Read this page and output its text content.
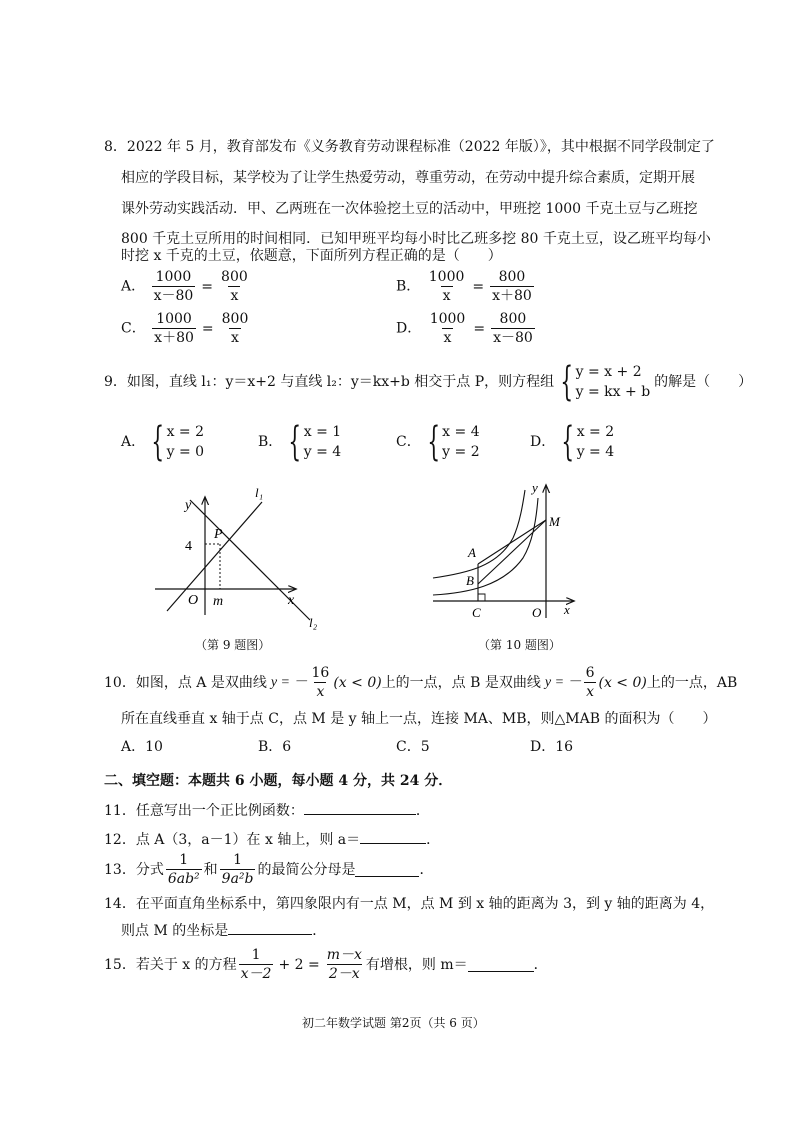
8．2022 年 5 月，教育部发布《义务教育劳动课程标准（2022 年版）》，其中根据不同学段制定了
相应的学段目标，某学校为了让学生热爱劳动，尊重劳动，在劳动中提升综合素质，定期开展
课外劳动实践活动．甲、乙两班在一次体验挖土豆的活动中，甲班挖 1000 千克土豆与乙班挖
800 千克土豆所用的时间相同．已知甲班平均每小时比乙班多挖 80 千克土豆，设乙班平均每小
时挖 x 千克的土豆，依题意，下面所列方程正确的是（　　）
A． $\frac{1000}{x-80} = \frac{800}{x}$	B． $\frac{1000}{x} = \frac{800}{x+80}$
C． $\frac{1000}{x+80} = \frac{800}{x}$	D． $\frac{1000}{x} = \frac{800}{x-80}$
9．如图，直线 l₁：y＝x+2 与直线 l₂：y＝kx+b 相交于点 P，则方程组 { y = x + 2
y = kx + b
的解是（　　）
A． { x = 2
y = 0
B． { x = 1
y = 4
C． { x = 4
y = 2
D． { x = 2
y = 4
y
l₁
P
4
O m	x
l₂
（第 9 题图）
y
M
A
B
C	O x
（第 10 题图）
10．如图，点 A 是双曲线 y = － $\frac{16}{x} (x < 0)$ 上的一点，点 B 是双曲线 y = － $\frac{6}{x} (x < 0)$ 上的一点，AB
所在直线垂直 x 轴于点 C，点 M 是 y 轴上一点，连接 MA、MB，则△MAB 的面积为（　　）
A．10	B．6	C．5	D．16
二、填空题：本题共 6 小题，每小题 4 分，共 24 分．
11．任意写出一个正比例函数：	．
12．点 A（3，a－1）在 x 轴上，则 a＝	．
13．分式 $\frac{1}{\text{6ab²}}$ 和 $\frac{1}{\text{9a²b}}$ 的最简公分母是	．
14．在平面直角坐标系中，第四象限内有一点 M，点 M 到 x 轴的距离为 3，到 y 轴的距离为 4，
则点 M 的坐标是	．
15．若关于 x 的方程 $\frac{1}{x-2} + 2 = \frac{m-x}{2-x}$ 有增根，则 m＝	．
初二年数学试题 第2页（共 6 页）
